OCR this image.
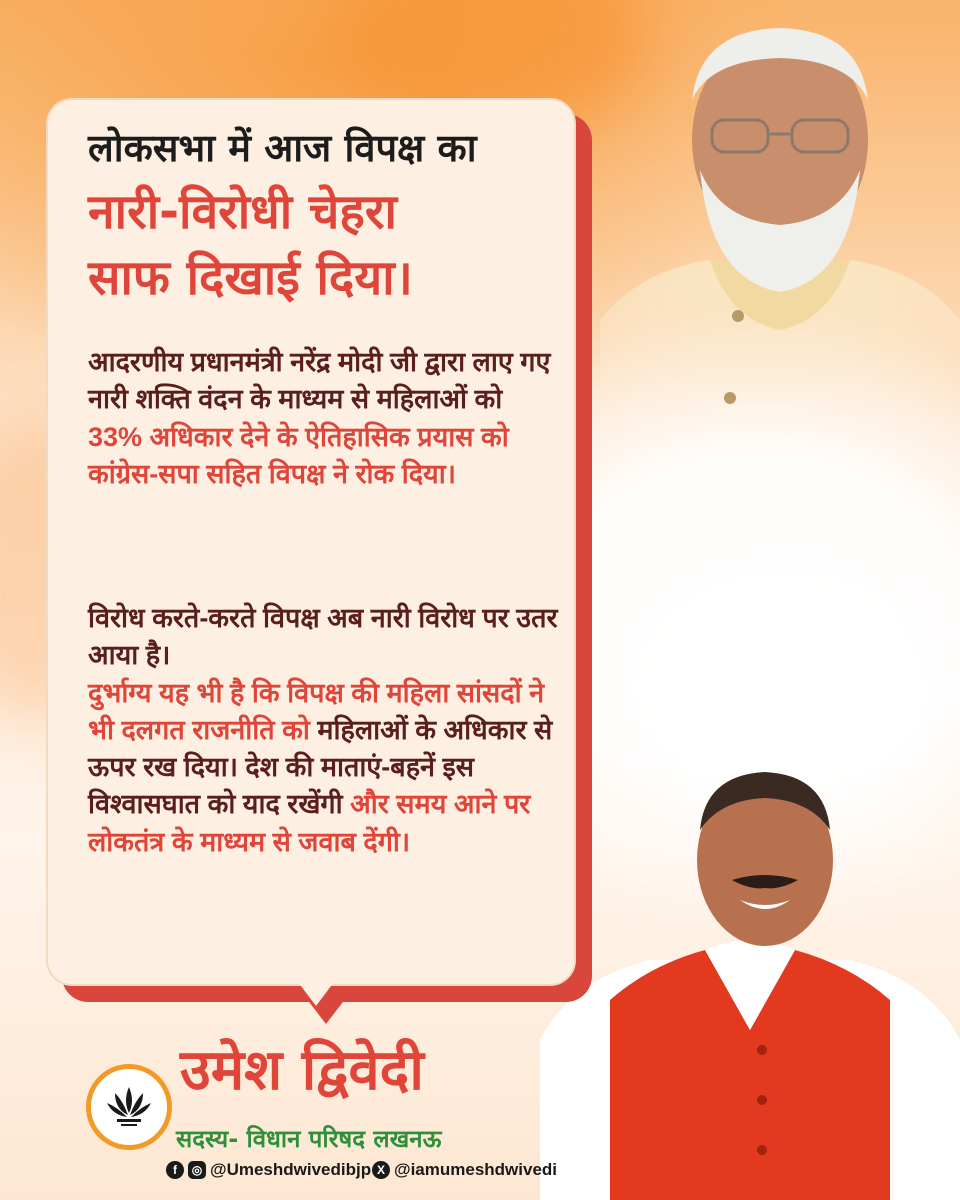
लोकसभा में आज विपक्ष का
नारी-विरोधी चेहरा
साफ दिखाई दिया।

आदरणीय प्रधानमंत्री नरेंद्र मोदी जी द्वारा लाए गए नारी शक्ति वंदन के माध्यम से महिलाओं को 33% अधिकार देने के ऐतिहासिक प्रयास को कांग्रेस-सपा सहित विपक्ष ने रोक दिया।

विरोध करते-करते विपक्ष अब नारी विरोध पर उतर आया है।
दुर्भाग्य यह भी है कि विपक्ष की महिला सांसदों ने भी दलगत राजनीति को महिलाओं के अधिकार से ऊपर रख दिया। देश की माताएं-बहनें इस विश्वासघात को याद रखेंगी और समय आने पर लोकतंत्र के माध्यम से जवाब देंगी।

उमेश द्विवेदी

सदस्य- विधान परिषद लखनऊ

f	◎ @Umeshdwivedibjp X @iamumeshdwivedi
